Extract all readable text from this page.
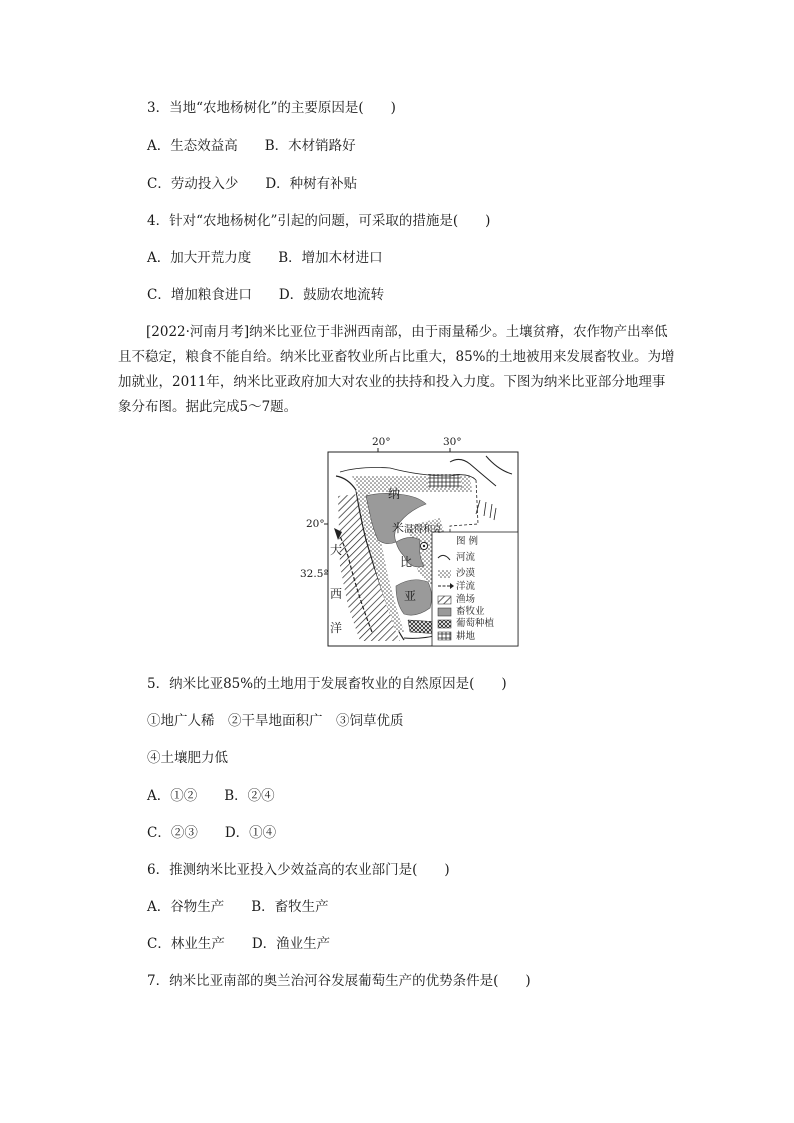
3．当地“农地杨树化”的主要原因是(　　)
A．生态效益高　　B．木材销路好
C．劳动投入少　　D．种树有补贴
4．针对“农地杨树化”引起的问题，可采取的措施是(　　)
A．加大开荒力度　　B．增加木材进口
C．增加粮食进口　　D．鼓励农地流转
[2022·河南月考]纳米比亚位于非洲西南部，由于雨量稀少。土壤贫瘠，农作物产出率低且不稳定，粮食不能自给。纳米比亚畜牧业所占比重大，85%的土地被用来发展畜牧业。为增加就业，2011年，纳米比亚政府加大对农业的扶持和投入力度。下图为纳米比亚部分地理事象分布图。据此完成5～7题。
20°	30°
20°
32.5°
纳
米
比
亚
大
西
洋
温得和克
图 例
河流
沙漠
洋流
渔场
畜牧业
葡萄种植
耕地
5．纳米比亚85%的土地用于发展畜牧业的自然原因是(　　)
①地广人稀　②干旱地面积广　③饲草优质
④土壤肥力低
A．①②　　B．②④
C．②③　　D．①④
6．推测纳米比亚投入少效益高的农业部门是(　　)
A．谷物生产　　B．畜牧生产
C．林业生产　　D．渔业生产
7．纳米比亚南部的奥兰治河谷发展葡萄生产的优势条件是(　　)
